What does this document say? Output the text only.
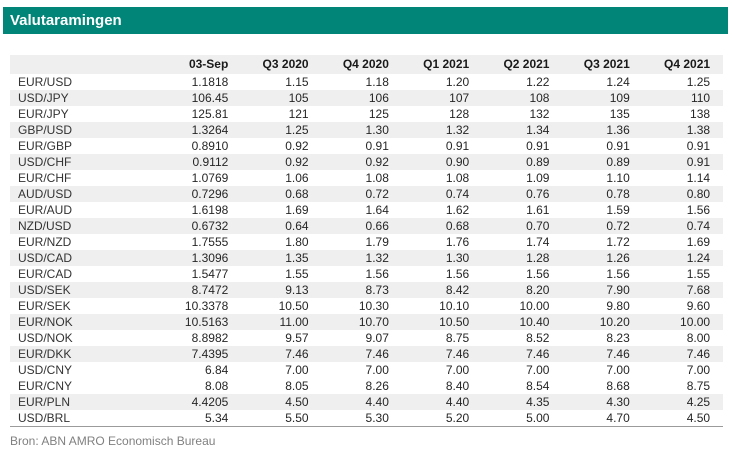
Valutaramingen
	03-Sep	Q3 2020	Q4 2020	Q1 2021	Q2 2021	Q3 2021	Q4 2021
EUR/USD	1.1818	1.15	1.18	1.20	1.22	1.24	1.25
USD/JPY	106.45	105	106	107	108	109	110
EUR/JPY	125.81	121	125	128	132	135	138
GBP/USD	1.3264	1.25	1.30	1.32	1.34	1.36	1.38
EUR/GBP	0.8910	0.92	0.91	0.91	0.91	0.91	0.91
USD/CHF	0.9112	0.92	0.92	0.90	0.89	0.89	0.91
EUR/CHF	1.0769	1.06	1.08	1.08	1.09	1.10	1.14
AUD/USD	0.7296	0.68	0.72	0.74	0.76	0.78	0.80
EUR/AUD	1.6198	1.69	1.64	1.62	1.61	1.59	1.56
NZD/USD	0.6732	0.64	0.66	0.68	0.70	0.72	0.74
EUR/NZD	1.7555	1.80	1.79	1.76	1.74	1.72	1.69
USD/CAD	1.3096	1.35	1.32	1.30	1.28	1.26	1.24
EUR/CAD	1.5477	1.55	1.56	1.56	1.56	1.56	1.55
USD/SEK	8.7472	9.13	8.73	8.42	8.20	7.90	7.68
EUR/SEK	10.3378	10.50	10.30	10.10	10.00	9.80	9.60
EUR/NOK	10.5163	11.00	10.70	10.50	10.40	10.20	10.00
USD/NOK	8.8982	9.57	9.07	8.75	8.52	8.23	8.00
EUR/DKK	7.4395	7.46	7.46	7.46	7.46	7.46	7.46
USD/CNY	6.84	7.00	7.00	7.00	7.00	7.00	7.00
EUR/CNY	8.08	8.05	8.26	8.40	8.54	8.68	8.75
EUR/PLN	4.4205	4.50	4.40	4.40	4.35	4.30	4.25
USD/BRL	5.34	5.50	5.30	5.20	5.00	4.70	4.50
Bron: ABN AMRO Economisch Bureau
